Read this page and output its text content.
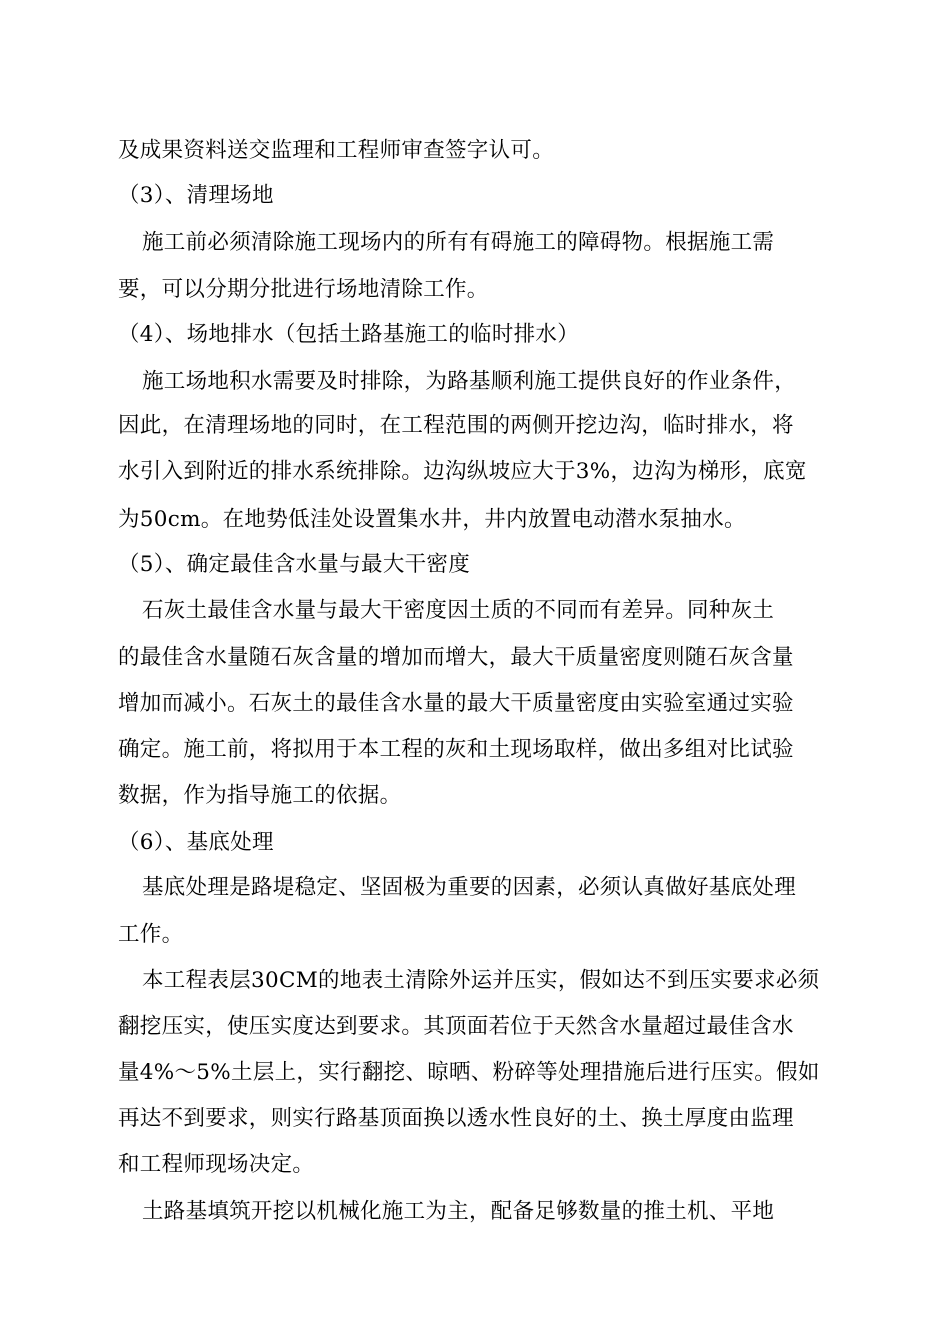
及成果资料送交监理和工程师审查签字认可。
（3）、清理场地
施工前必须清除施工现场内的所有有碍施工的障碍物。根据施工需
要，可以分期分批进行场地清除工作。
（4）、场地排水（包括土路基施工的临时排水）
施工场地积水需要及时排除，为路基顺利施工提供良好的作业条件，
因此，在清理场地的同时，在工程范围的两侧开挖边沟，临时排水，将
水引入到附近的排水系统排除。边沟纵坡应大于3%，边沟为梯形，底宽
为50cm。在地势低洼处设置集水井，井内放置电动潜水泵抽水。
（5）、确定最佳含水量与最大干密度
石灰土最佳含水量与最大干密度因土质的不同而有差异。同种灰土
的最佳含水量随石灰含量的增加而增大，最大干质量密度则随石灰含量
增加而减小。石灰土的最佳含水量的最大干质量密度由实验室通过实验
确定。施工前，将拟用于本工程的灰和土现场取样，做出多组对比试验
数据，作为指导施工的依据。
（6）、基底处理
基底处理是路堤稳定、坚固极为重要的因素，必须认真做好基底处理
工作。
本工程表层30CM的地表土清除外运并压实，假如达不到压实要求必须
翻挖压实，使压实度达到要求。其顶面若位于天然含水量超过最佳含水
量4%～5%土层上，实行翻挖、晾晒、粉碎等处理措施后进行压实。假如
再达不到要求，则实行路基顶面换以透水性良好的土、换土厚度由监理
和工程师现场决定。
土路基填筑开挖以机械化施工为主，配备足够数量的推土机、平地
